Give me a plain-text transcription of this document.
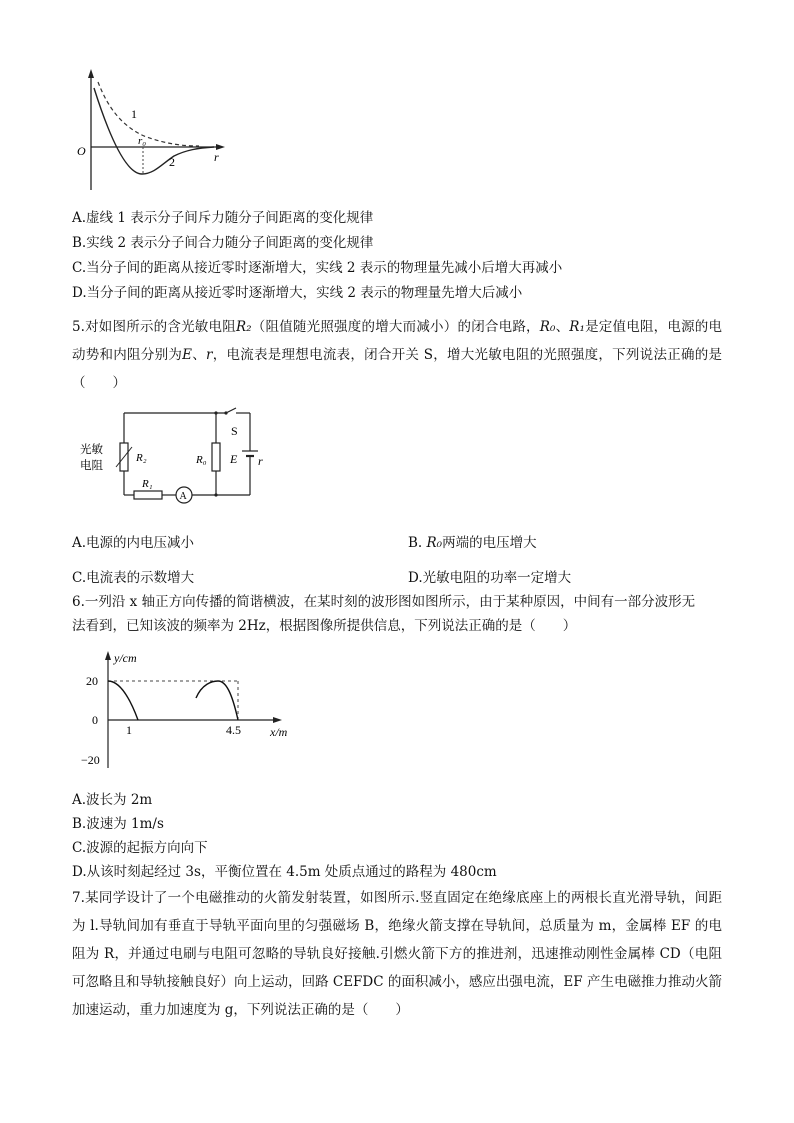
O	r
r₀
1
2
A.虚线 1 表示分子间斥力随分子间距离的变化规律
B.实线 2 表示分子间合力随分子间距离的变化规律
C.当分子间的距离从接近零时逐渐增大，实线 2 表示的物理量先减小后增大再减小
D.当分子间的距离从接近零时逐渐增大，实线 2 表示的物理量先增大后减小
5.对如图所示的含光敏电阻R₂（阻值随光照强度的增大而减小）的闭合电路，R₀、R₁是定值电阻，电源的电动势和内阻分别为E、r，电流表是理想电流表，闭合开关 S，增大光敏电阻的光照强度，下列说法正确的是（　　）
光敏
电阻
R₂	R₀
R₁
S
E r
A
A.电源的内电压减小	B. R₀两端的电压增大
C.电流表的示数增大	D.光敏电阻的功率一定增大
6.一列沿 x 轴正方向传播的简谐横波，在某时刻的波形图如图所示，由于某种原因，中间有一部分波形无
法看到，已知该波的频率为 2Hz，根据图像所提供信息，下列说法正确的是（　　）
y/cm
x/m
20
0
−20
1	4.5
A.波长为 2m
B.波速为 1m/s
C.波源的起振方向向下
D.从该时刻起经过 3s，平衡位置在 4.5m 处质点通过的路程为 480cm
7.某同学设计了一个电磁推动的火箭发射装置，如图所示.竖直固定在绝缘底座上的两根长直光滑导轨，间距为 l.导轨间加有垂直于导轨平面向里的匀强磁场 B，绝缘火箭支撑在导轨间，总质量为 m，金属棒 EF 的电阻为 R，并通过电刷与电阻可忽略的导轨良好接触.引燃火箭下方的推进剂，迅速推动刚性金属棒 CD（电阻可忽略且和导轨接触良好）向上运动，回路 CEFDC 的面积减小，感应出强电流，EF 产生电磁推力推动火箭加速运动，重力加速度为 g，下列说法正确的是（　　）
